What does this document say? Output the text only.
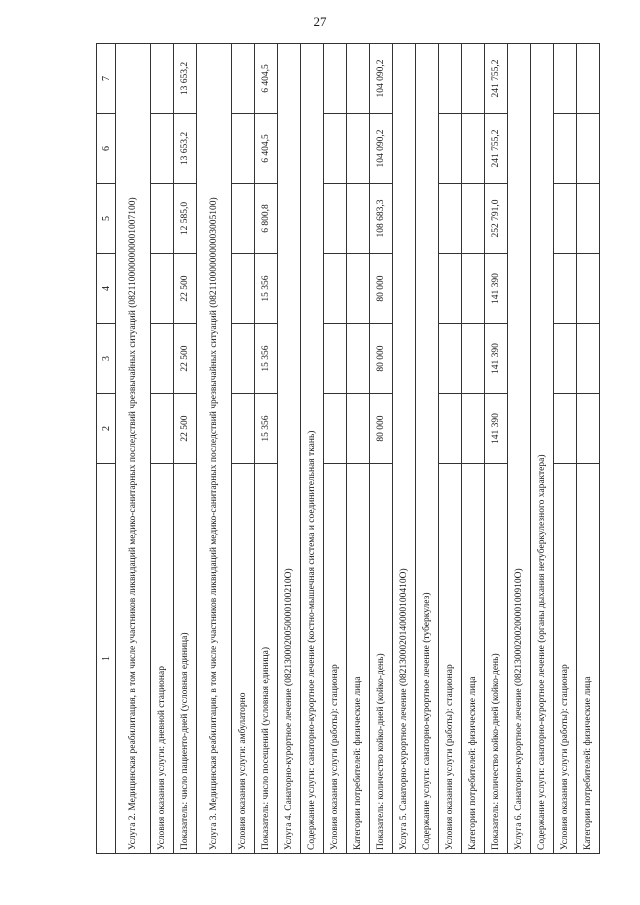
27
1	2	3	4	5	6	7
Услуга 2. Медицинская реабилитация, в том числе участников ликвидаций медико-санитарных последствий чрезвычайных ситуаций (0821100000000001007100)						
Условия оказания услуги: дневной стационар						
Показатель: число пациенто-дней (условная единица)	22 500	22 500	22 500	12 585,0	13 653,2	13 653,2
Услуга 3. Медицинская реабилитация, в том числе участников ликвидаций медико-санитарных последствий чрезвычайных ситуаций (0821100000000003005100)						
Условия оказания услуги: амбулаторно						
Показатель: число посещений (условная единица)	15 356	15 356	15 356	6 800,8	6 404,5	6 404,5
Услуга 4. Санаторно-курортное лечение (0821300020050000100210О)						
Содержание услуги: санаторно-курортное лечение (костно-мышечная система и соединительная ткань)						
Условия оказания услуги (работы): стационар						
Категории потребителей: физические лица						
Показатель: количество койко-дней (койко-день)	80 000	80 000	80 000	108 683,3	104 090,2	104 090,2
Услуга 5. Санаторно-курортное лечение (0821300020140000100410О)						
Содержание услуги: санаторно-курортное лечение (туберкулез)						
Условия оказания услуги (работы): стационар						
Категории потребителей: физические лица						
Показатель: количество койко-дней (койко-день)	141 390	141 390	141 390	252 791,0	241 755,2	241 755,2
Услуга 6. Санаторно-курортное лечение (0821300020020000100910О)						
Содержание услуги: санаторно-курортное лечение (органы дыхания нетуберкулезного характера)						
Условия оказания услуги (работы): стационар						
Категории потребителей: физические лица						
